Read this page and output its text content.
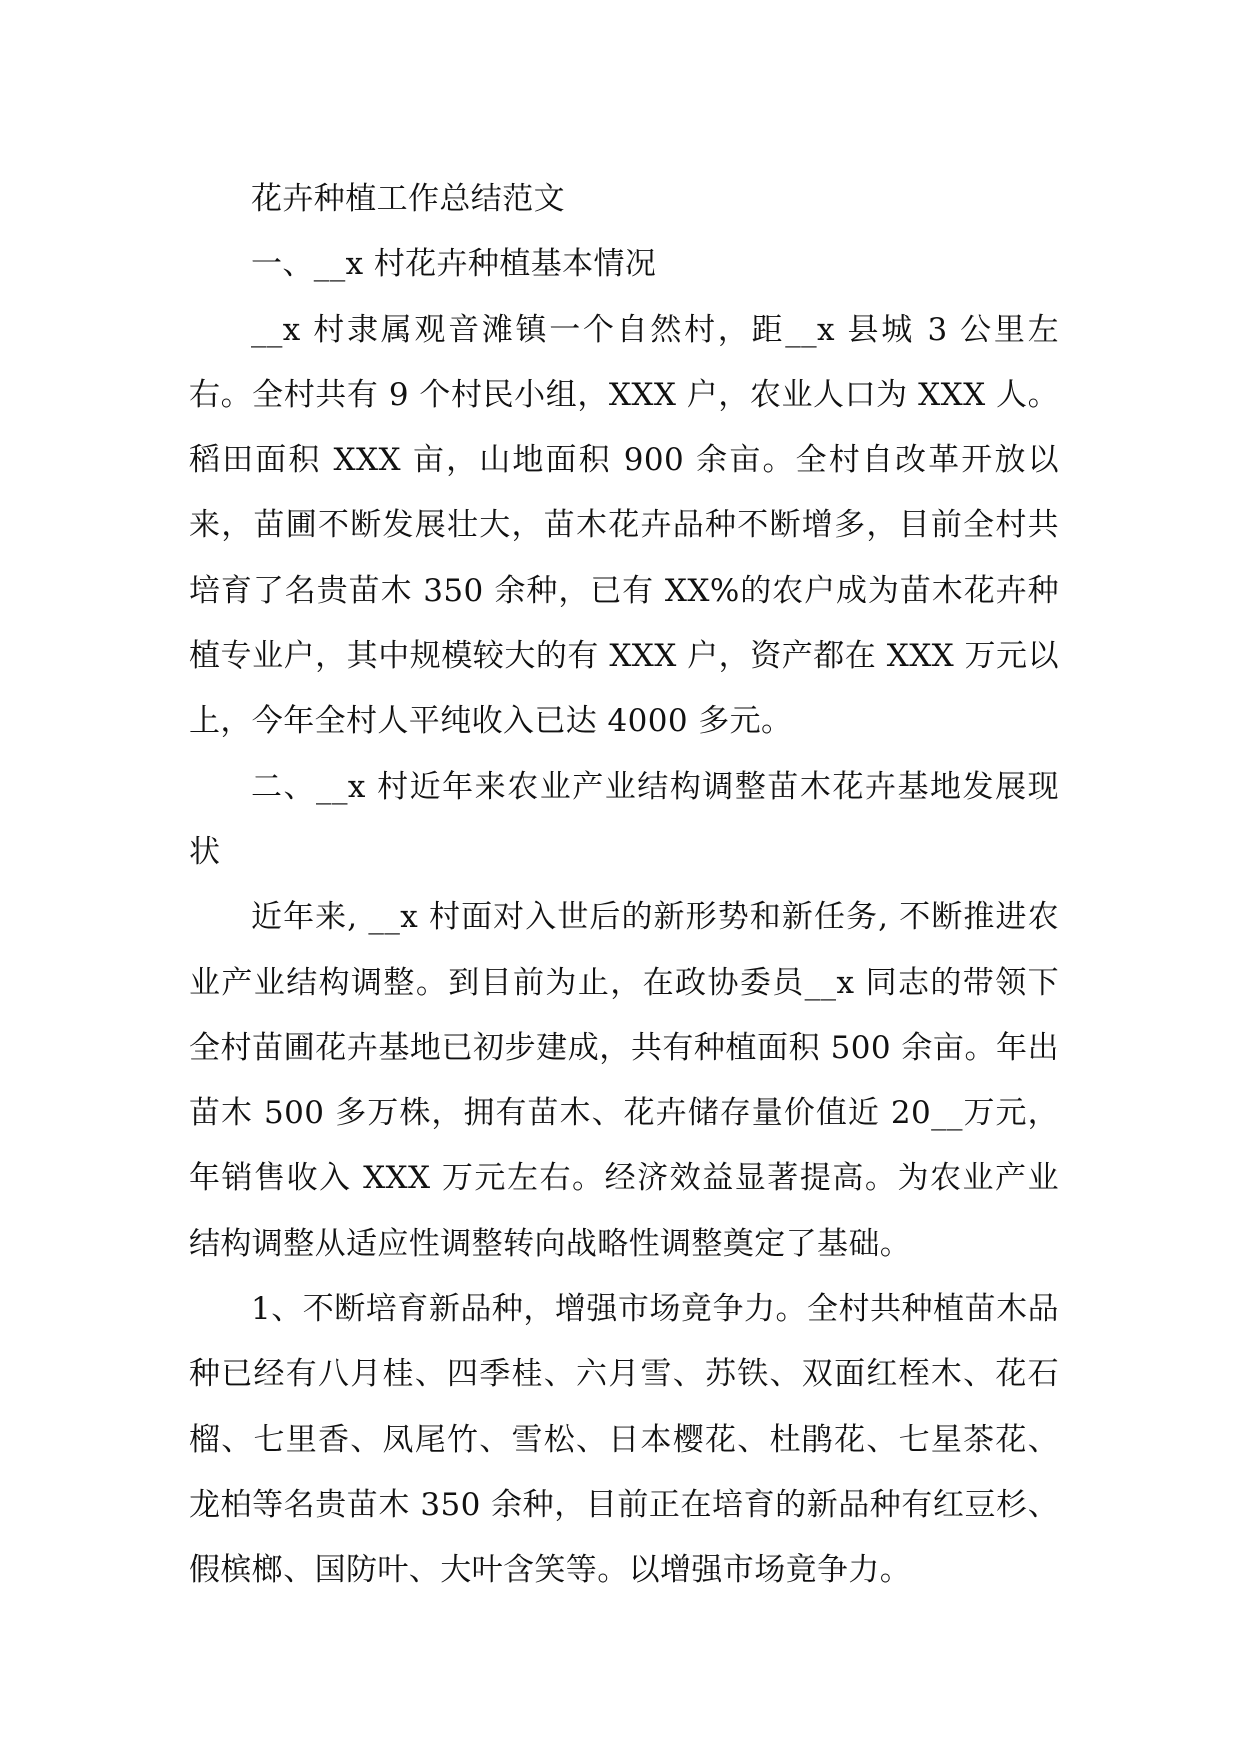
花卉种植工作总结范文

一、__x 村花卉种植基本情况

__x 村隶属观音滩镇一个自然村，距__x 县城 3 公里左右。全村共有 9 个村民小组，XXX 户，农业人口为 XXX 人。稻田面积 XXX 亩，山地面积 900 余亩。全村自改革开放以来，苗圃不断发展壮大，苗木花卉品种不断增多，目前全村共培育了名贵苗木 350 余种，已有 XX%的农户成为苗木花卉种植专业户，其中规模较大的有 XXX 户，资产都在 XXX 万元以上，今年全村人平纯收入已达 4000 多元。

二、__x 村近年来农业产业结构调整苗木花卉基地发展现状

近年来, __x 村面对入世后的新形势和新任务, 不断推进农业产业结构调整。到目前为止，在政协委员__x 同志的带领下全村苗圃花卉基地已初步建成，共有种植面积 500 余亩。年出苗木 500 多万株，拥有苗木、花卉储存量价值近 20__万元，年销售收入 XXX 万元左右。经济效益显著提高。为农业产业结构调整从适应性调整转向战略性调整奠定了基础。

1、不断培育新品种，增强市场竟争力。全村共种植苗木品种已经有八月桂、四季桂、六月雪、苏铁、双面红桎木、花石榴、七里香、凤尾竹、雪松、日本樱花、杜鹃花、七星茶花、龙柏等名贵苗木 350 余种，目前正在培育的新品种有红豆杉、假槟榔、国防叶、大叶含笑等。以增强市场竟争力。
